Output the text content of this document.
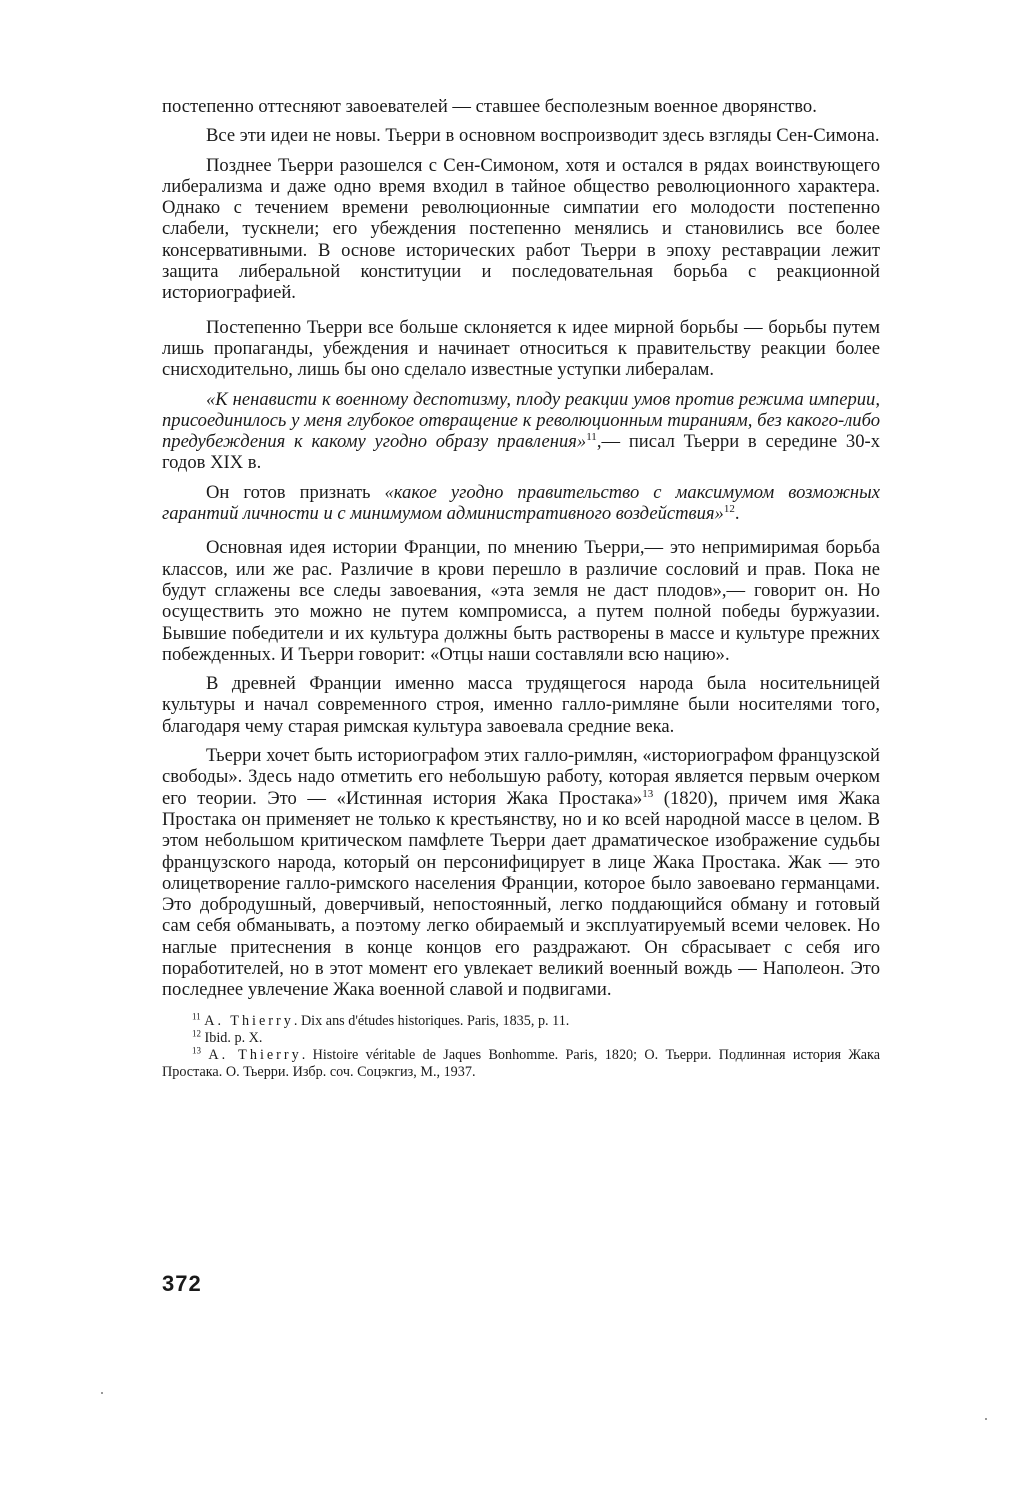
постепенно оттесняют завоевателей — ставшее бесполезным военное дворянство.

Все эти идеи не новы. Тьерри в основном воспроизводит здесь взгляды Сен-Симона.

Позднее Тьерри разошелся с Сен-Симоном, хотя и остался в рядах воинствующего либерализма и даже одно время входил в тайное общество революционного характера. Однако с течением времени революционные симпатии его молодости постепенно слабели, тускнели; его убеждения постепенно менялись и становились все более консервативными. В основе исторических работ Тьерри в эпоху реставрации лежит защита либеральной конституции и последовательная борьба с реакционной историографией.

Постепенно Тьерри все больше склоняется к идее мирной борьбы — борьбы путем лишь пропаганды, убеждения и начинает относиться к правительству реакции более снисходительно, лишь бы оно сделало известные уступки либералам.

«К ненависти к военному деспотизму, плоду реакции умов против режима империи, присоединилось у меня глубокое отвращение к революционным тираниям, без какого-либо предубеждения к какому угодно образу правления»$^{11}$,— писал Тьерри в середине 30-х годов XIX в.

Он готов признать «какое угодно правительство с максимумом возможных гарантий личности и с минимумом административного воздействия»$^{12}$.

Основная идея истории Франции, по мнению Тьерри,— это непримиримая борьба классов, или же рас. Различие в крови перешло в различие сословий и прав. Пока не будут сглажены все следы завоевания, «эта земля не даст плодов»,— говорит он. Но осуществить это можно не путем компромисса, а путем полной победы буржуазии. Бывшие победители и их культура должны быть растворены в массе и культуре прежних побежденных. И Тьерри говорит: «Отцы наши составляли всю нацию».

В древней Франции именно масса трудящегося народа была носительницей культуры и начал современного строя, именно галло-римляне были носителями того, благодаря чему старая римская культура завоевала средние века.

Тьерри хочет быть историографом этих галло-римлян, «историографом французской свободы». Здесь надо отметить его небольшую работу, которая является первым очерком его теории. Это — «Истинная история Жака Простака»$^{13}$ (1820), причем имя Жака Простака он применяет не только к крестьянству, но и ко всей народной массе в целом. В этом небольшом критическом памфлете Тьерри дает драматическое изображение судьбы французского народа, который он персонифицирует в лице Жака Простака. Жак — это олицетворение галло-римского населения Франции, которое было завоевано германцами. Это добродушный, доверчивый, непостоянный, легко поддающийся обману и готовый сам себя обманывать, а поэтому легко обираемый и эксплуатируемый всеми человек. Но наглые притеснения в конце концов его раздражают. Он сбрасывает с себя иго поработителей, но в этот момент его увлекает великий военный вождь — Наполеон. Это последнее увлечение Жака военной славой и подвигами.

$^{11}$ A. Thierry. Dix ans d'études historiques. Paris, 1835, p. 11.

$^{12}$ Ibid. p. X.

$^{13}$ A. Thierry. Histoire véritable de Jaques Bonhomme. Paris, 1820; О. Тьерри. Подлинная история Жака Простака. О. Тьерри. Избр. соч. Соцэкгиз, М., 1937.

372
